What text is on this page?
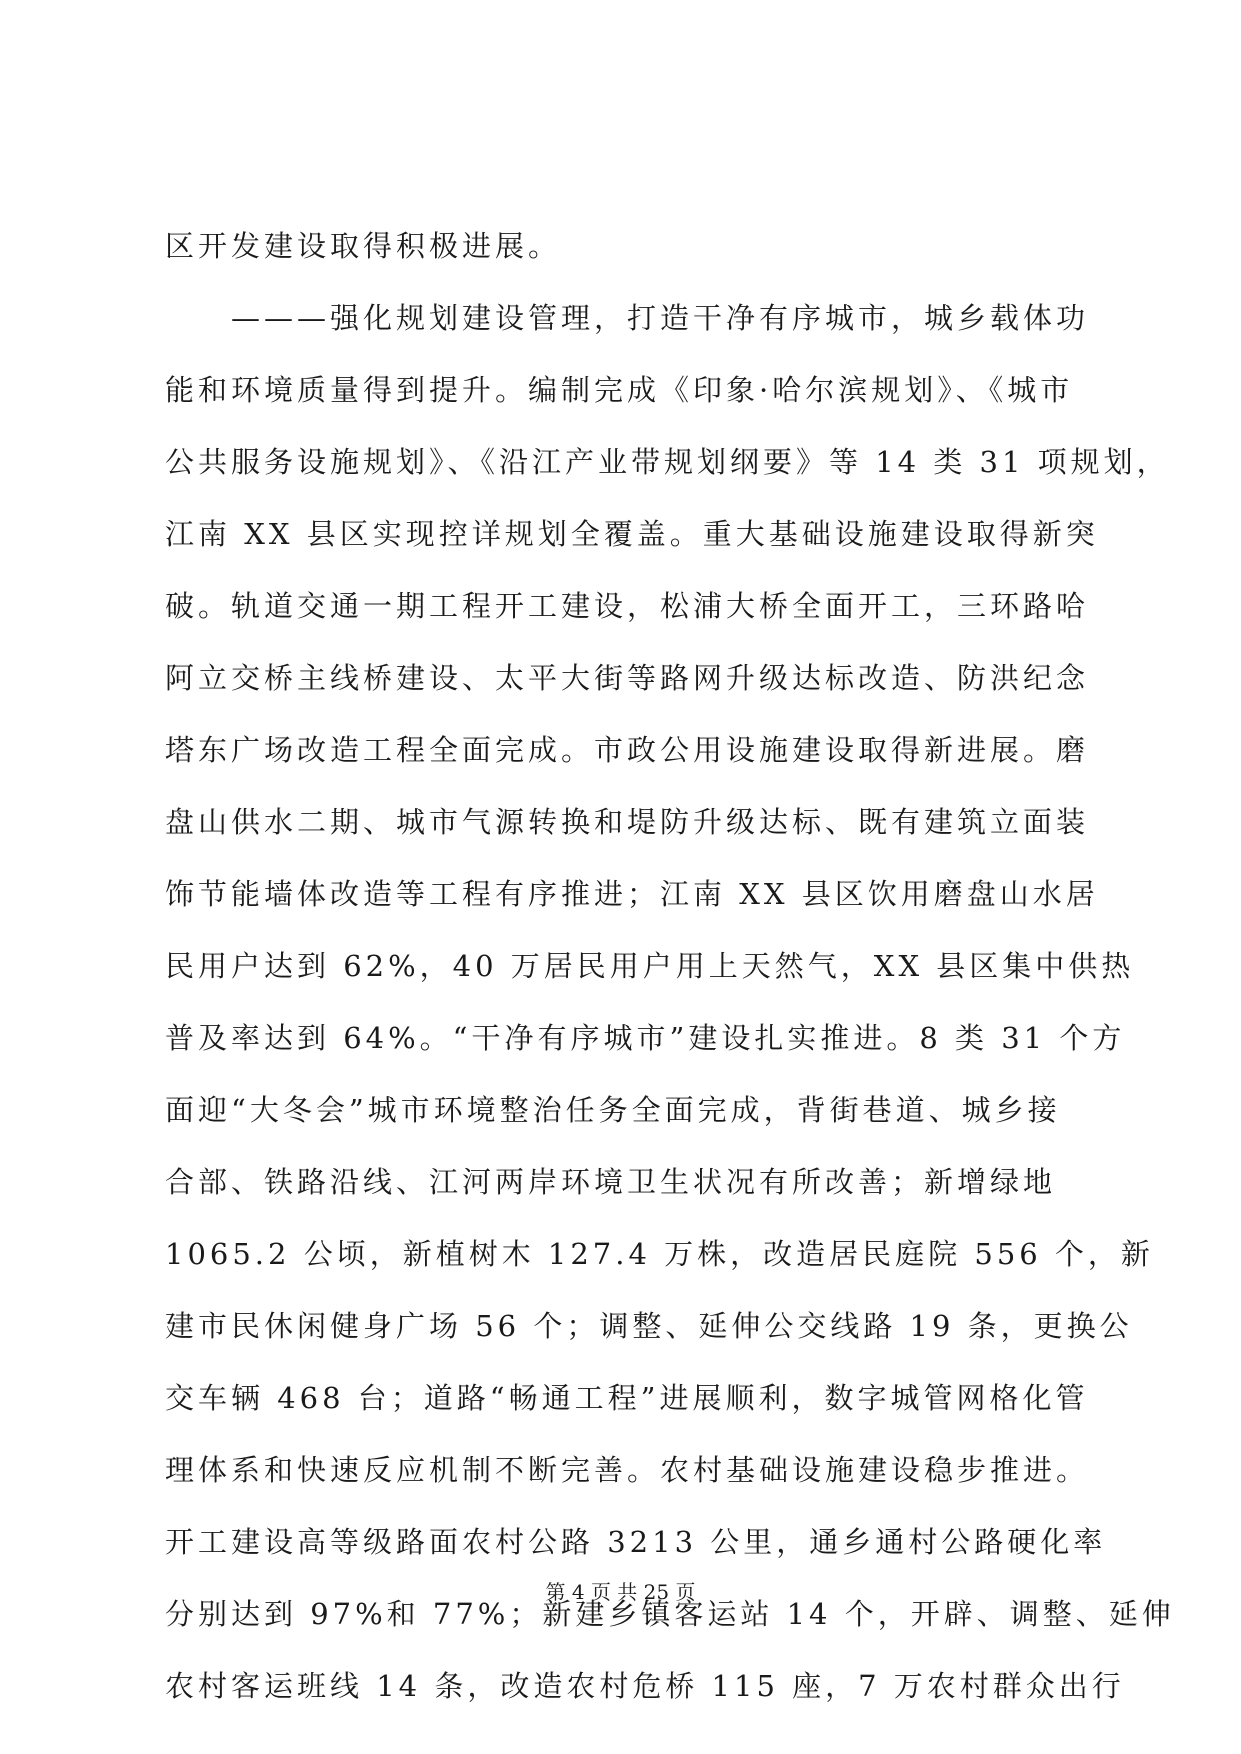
区开发建设取得积极进展。
　　———强化规划建设管理，打造干净有序城市，城乡载体功
能和环境质量得到提升。编制完成《印象·哈尔滨规划》、《城市
公共服务设施规划》、《沿江产业带规划纲要》等 14 类 31 项规划，
江南 XX 县区实现控详规划全覆盖。重大基础设施建设取得新突
破。轨道交通一期工程开工建设，松浦大桥全面开工，三环路哈
阿立交桥主线桥建设、太平大街等路网升级达标改造、防洪纪念
塔东广场改造工程全面完成。市政公用设施建设取得新进展。磨
盘山供水二期、城市气源转换和堤防升级达标、既有建筑立面装
饰节能墙体改造等工程有序推进；江南 XX 县区饮用磨盘山水居
民用户达到 62%，40 万居民用户用上天然气，XX 县区集中供热
普及率达到 64%。“干净有序城市”建设扎实推进。8 类 31 个方
面迎“大冬会”城市环境整治任务全面完成，背街巷道、城乡接
合部、铁路沿线、江河两岸环境卫生状况有所改善；新增绿地
1065.2 公顷，新植树木 127.4 万株，改造居民庭院 556 个，新
建市民休闲健身广场 56 个；调整、延伸公交线路 19 条，更换公
交车辆 468 台；道路“畅通工程”进展顺利，数字城管网格化管
理体系和快速反应机制不断完善。农村基础设施建设稳步推进。
开工建设高等级路面农村公路 3213 公里，通乡通村公路硬化率
分别达到 97%和 77%；新建乡镇客运站 14 个，开辟、调整、延伸
农村客运班线 14 条，改造农村危桥 115 座，7 万农村群众出行
第 4 页 共 25 页
